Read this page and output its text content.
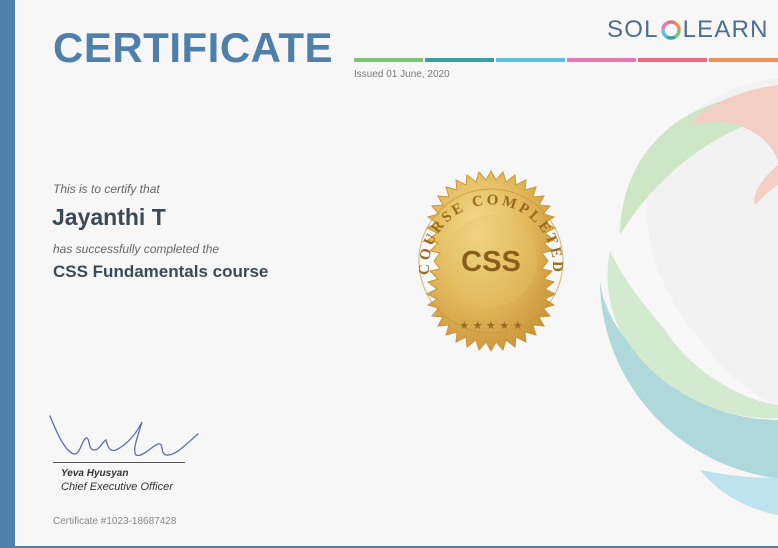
CERTIFICATE
Issued 01 June, 2020
SOL LEARN
This is to certify that
Jayanthi T
has successfully completed the
CSS Fundamentals course	COURSE COMPLETED
CSS
★ ★ ★ ★ ★
Yeva Hyusyan
Chief Executive Officer
Certificate #1023-18687428
